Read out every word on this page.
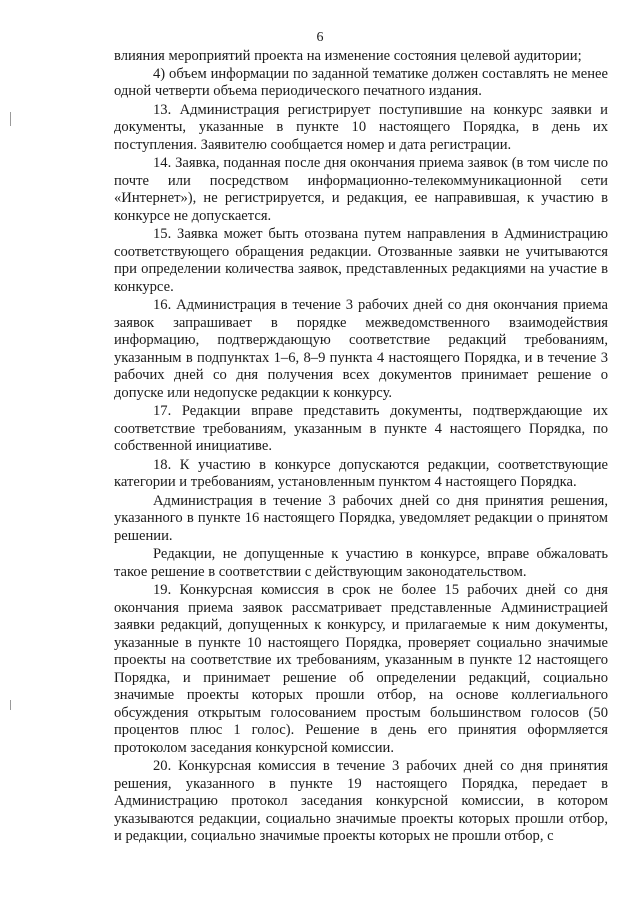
6

влияния мероприятий проекта на изменение состояния целевой аудитории;

4) объем информации по заданной тематике должен составлять не менее одной четверти объема периодического печатного издания.

13. Администрация регистрирует поступившие на конкурс заявки и документы, указанные в пункте 10 настоящего Порядка, в день их поступления. Заявителю сообщается номер и дата регистрации.

14. Заявка, поданная после дня окончания приема заявок (в том числе по почте или посредством информационно-телекоммуникационной сети «Интернет»), не регистрируется, и редакция, ее направившая, к участию в конкурсе не допускается.

15. Заявка может быть отозвана путем направления в Администрацию соответствующего обращения редакции. Отозванные заявки не учитываются при определении количества заявок, представленных редакциями на участие в конкурсе.

16. Администрация в течение 3 рабочих дней со дня окончания приема заявок запрашивает в порядке межведомственного взаимодействия информацию, подтверждающую соответствие редакций требованиям, указанным в подпунктах 1–6, 8–9 пункта 4 настоящего Порядка, и в течение 3 рабочих дней со дня получения всех документов принимает решение о допуске или недопуске редакции к конкурсу.

17. Редакции вправе представить документы, подтверждающие их соответствие требованиям, указанным в пункте 4 настоящего Порядка, по собственной инициативе.

18. К участию в конкурсе допускаются редакции, соответствующие категории и требованиям, установленным пунктом 4 настоящего Порядка.

Администрация в течение 3 рабочих дней со дня принятия решения, указанного в пункте 16 настоящего Порядка, уведомляет редакции о принятом решении.

Редакции, не допущенные к участию в конкурсе, вправе обжаловать такое решение в соответствии с действующим законодательством.

19. Конкурсная комиссия в срок не более 15 рабочих дней со дня окончания приема заявок рассматривает представленные Администрацией заявки редакций, допущенных к конкурсу, и прилагаемые к ним документы, указанные в пункте 10 настоящего Порядка, проверяет социально значимые проекты на соответствие их требованиям, указанным в пункте 12 настоящего Порядка, и принимает решение об определении редакций, социально значимые проекты которых прошли отбор, на основе коллегиального обсуждения открытым голосованием простым большинством голосов (50 процентов плюс 1 голос). Решение в день его принятия оформляется протоколом заседания конкурсной комиссии.

20. Конкурсная комиссия в течение 3 рабочих дней со дня принятия решения, указанного в пункте 19 настоящего Порядка, передает в Администрацию протокол заседания конкурсной комиссии, в котором указываются редакции, социально значимые проекты которых прошли отбор, и редакции, социально значимые проекты которых не прошли отбор, с
